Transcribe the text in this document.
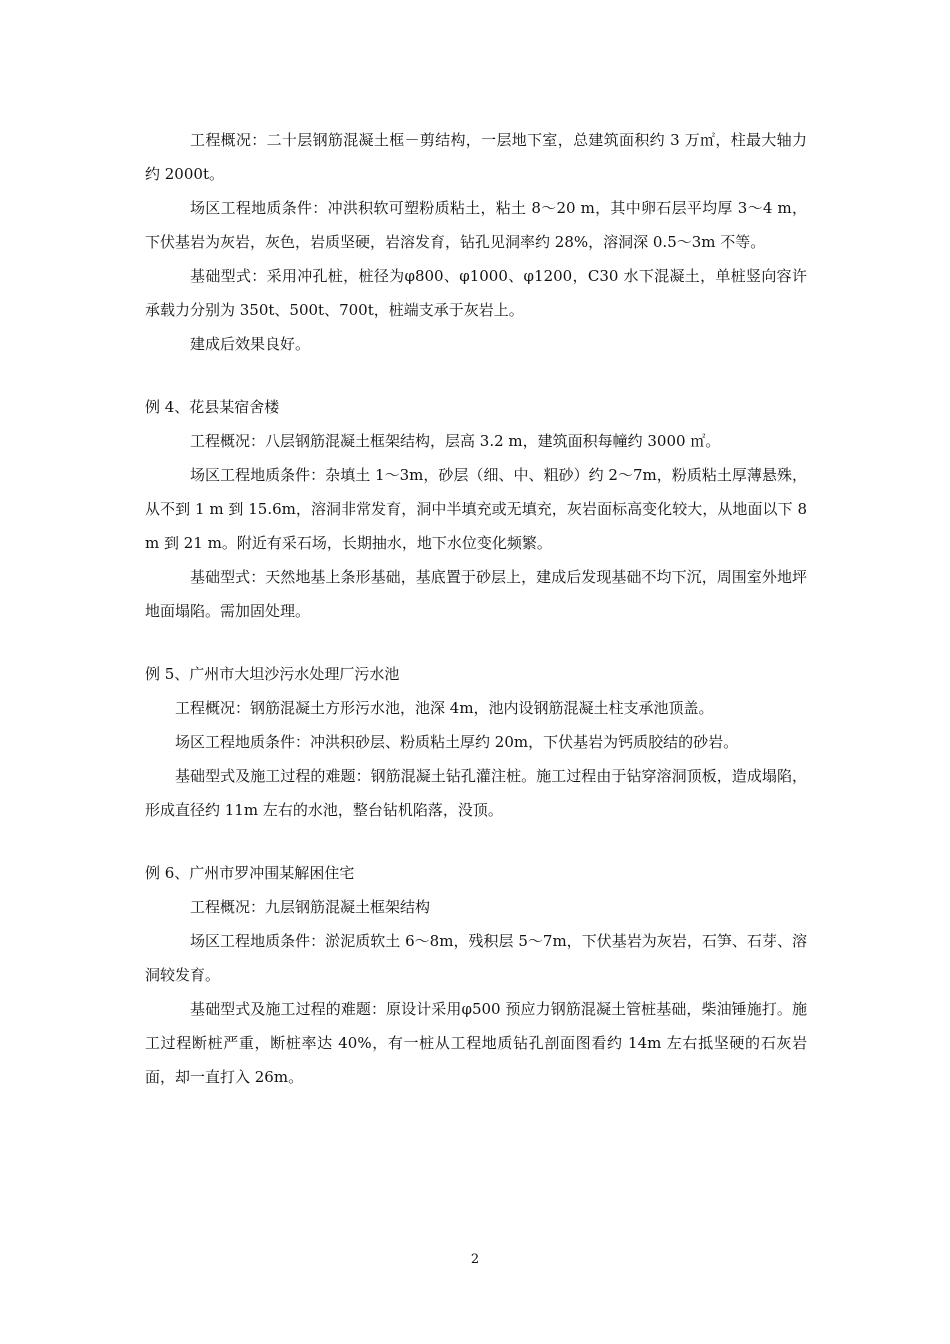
工程概况：二十层钢筋混凝土框－剪结构，一层地下室，总建筑面积约 3 万㎡，柱最大轴力约 2000t。

场区工程地质条件：冲洪积软可塑粉质粘土，粘土 8～20 m，其中卵石层平均厚 3～4 m，下伏基岩为灰岩，灰色，岩质坚硬，岩溶发育，钻孔见洞率约 28%，溶洞深 0.5～3m 不等。

基础型式：采用冲孔桩，桩径为φ800、φ1000、φ1200，C30 水下混凝土，单桩竖向容许承载力分别为 350t、500t、700t，桩端支承于灰岩上。

建成后效果良好。

例 4、花县某宿舍楼

工程概况：八层钢筋混凝土框架结构，层高 3.2 m，建筑面积每幢约 3000 ㎡。

场区工程地质条件：杂填土 1～3m，砂层（细、中、粗砂）约 2～7m，粉质粘土厚薄悬殊，从不到 1 m 到 15.6m，溶洞非常发育，洞中半填充或无填充，灰岩面标高变化较大，从地面以下 8 m 到 21 m。附近有采石场，长期抽水，地下水位变化频繁。

基础型式：天然地基上条形基础，基底置于砂层上，建成后发现基础不均下沉，周围室外地坪地面塌陷。需加固处理。

例 5、广州市大坦沙污水处理厂污水池

工程概况：钢筋混凝土方形污水池，池深 4m，池内设钢筋混凝土柱支承池顶盖。

场区工程地质条件：冲洪积砂层、粉质粘土厚约 20m，下伏基岩为钙质胶结的砂岩。

基础型式及施工过程的难题：钢筋混凝土钻孔灌注桩。施工过程由于钻穿溶洞顶板，造成塌陷，形成直径约 11m 左右的水池，整台钻机陷落，没顶。

例 6、广州市罗冲围某解困住宅

工程概况：九层钢筋混凝土框架结构

场区工程地质条件：淤泥质软土 6～8m，残积层 5～7m，下伏基岩为灰岩，石笋、石芽、溶洞较发育。

基础型式及施工过程的难题：原设计采用φ500 预应力钢筋混凝土管桩基础，柴油锤施打。施工过程断桩严重，断桩率达 40%，有一桩从工程地质钻孔剖面图看约 14m 左右抵坚硬的石灰岩面，却一直打入 26m。

2
